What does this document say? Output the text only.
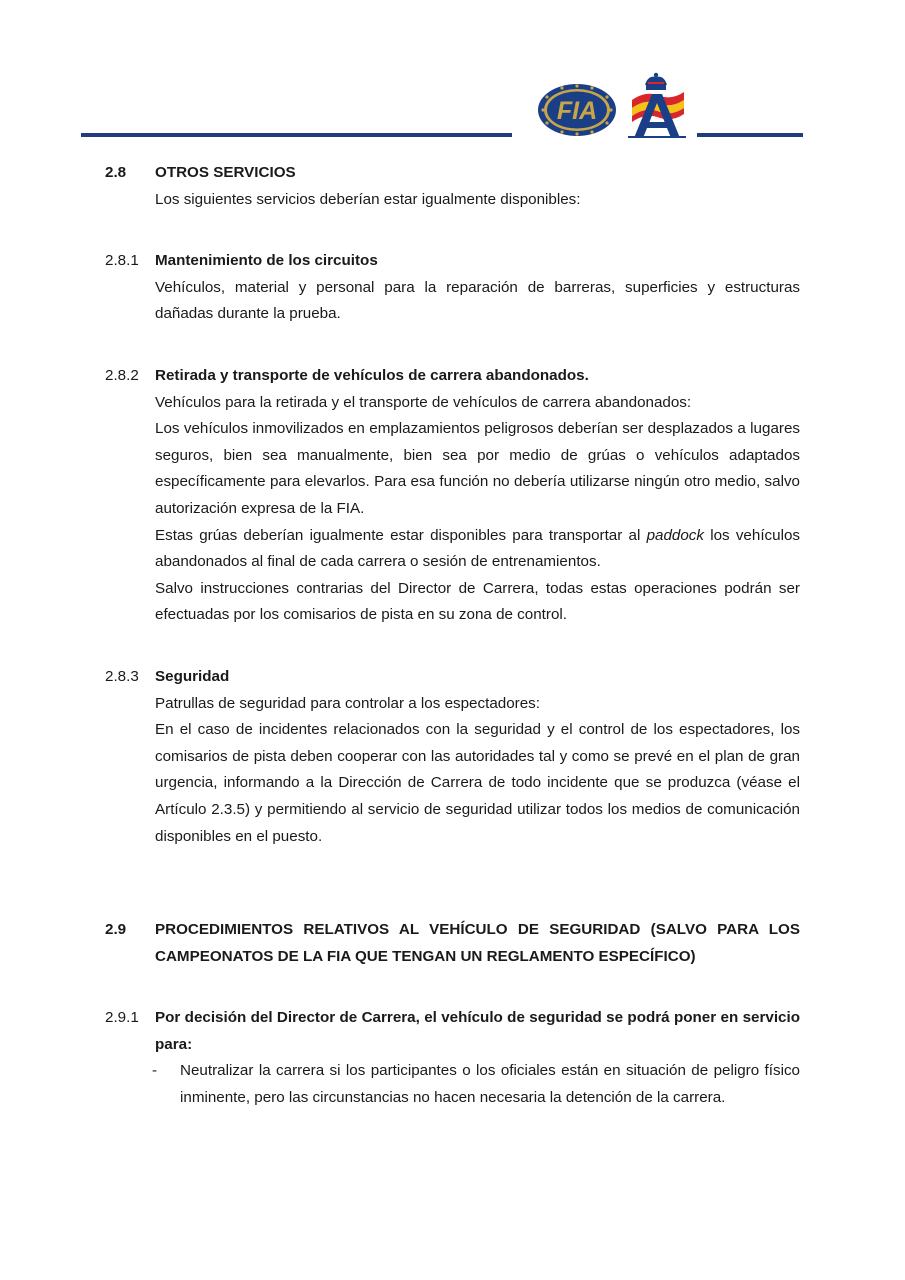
FIA
2.8	OTROS SERVICIOS

Los siguientes servicios deberían estar igualmente disponibles:

2.8.1	Mantenimiento de los circuitos

Vehículos, material y personal para la reparación de barreras, superficies y estructuras dañadas durante la prueba.

2.8.2	Retirada y transporte de vehículos de carrera abandonados.

Vehículos para la retirada y el transporte de vehículos de carrera abandonados:

Los vehículos inmovilizados en emplazamientos peligrosos deberían ser desplazados a lugares seguros, bien sea manualmente, bien sea por medio de grúas o vehículos adaptados específicamente para elevarlos. Para esa función no debería utilizarse ningún otro medio, salvo autorización expresa de la FIA.

Estas grúas deberían igualmente estar disponibles para transportar al paddock los vehículos abandonados al final de cada carrera o sesión de entrenamientos.

Salvo instrucciones contrarias del Director de Carrera, todas estas operaciones podrán ser efectuadas por los comisarios de pista en su zona de control.

2.8.3	Seguridad

Patrullas de seguridad para controlar a los espectadores:

En el caso de incidentes relacionados con la seguridad y el control de los espectadores, los comisarios de pista deben cooperar con las autoridades tal y como se prevé en el plan de gran urgencia, informando a la Dirección de Carrera de todo incidente que se produzca (véase el Artículo 2.3.5) y permitiendo al servicio de seguridad utilizar todos los medios de comunicación disponibles en el puesto.

2.9	PROCEDIMIENTOS RELATIVOS AL VEHÍCULO DE SEGURIDAD (SALVO PARA LOS CAMPEONATOS DE LA FIA QUE TENGAN UN REGLAMENTO ESPECÍFICO)

2.9.1	Por decisión del Director de Carrera, el vehículo de seguridad se podrá poner en servicio para:

- Neutralizar la carrera si los participantes o los oficiales están en situación de peligro físico inminente, pero las circunstancias no hacen necesaria la detención de la carrera.
